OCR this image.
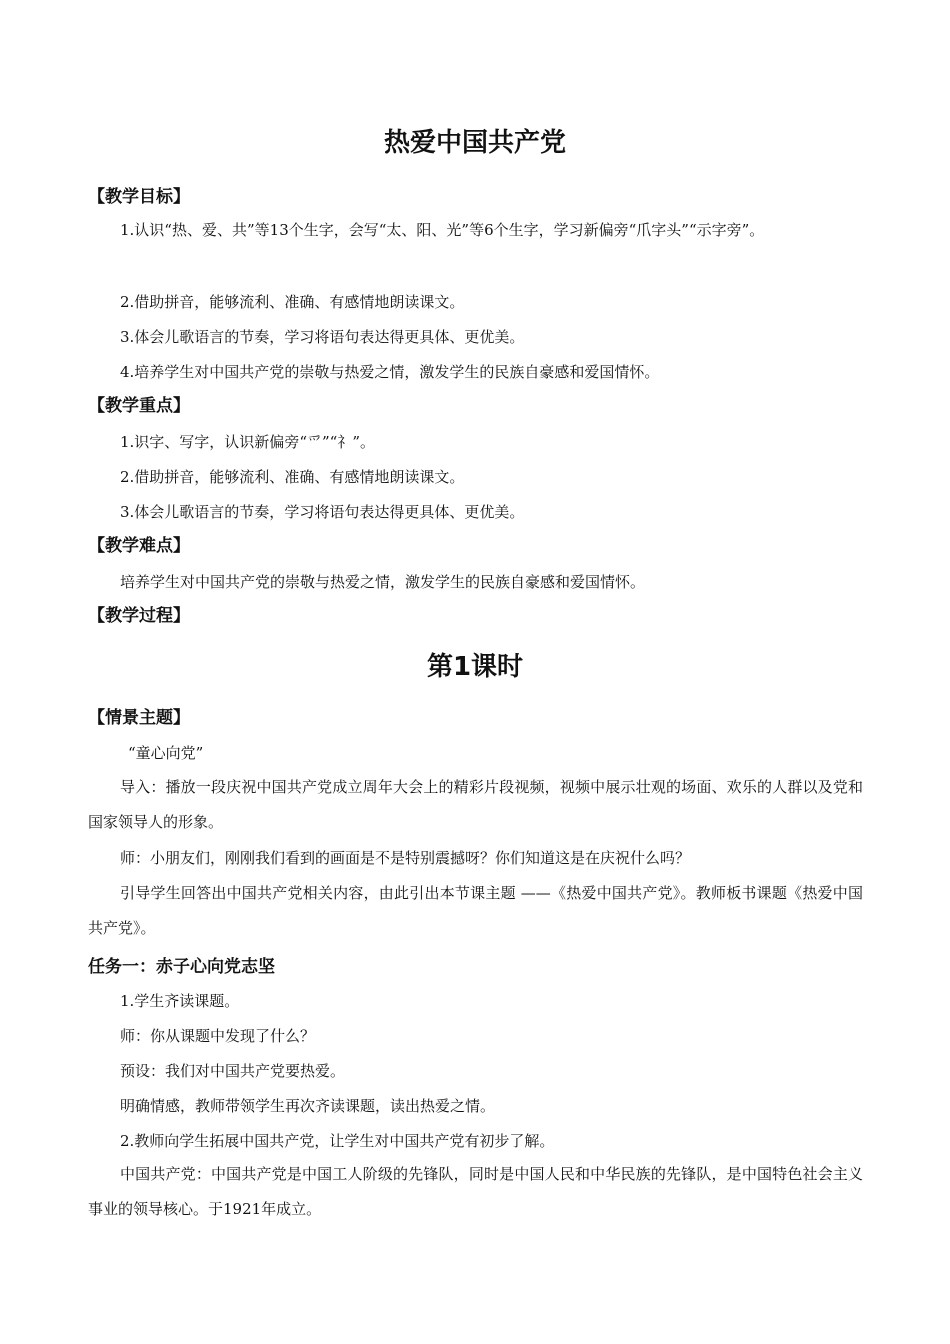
热爱中国共产党
【教学目标】
1.认识“热、爱、共”等13个生字，会写“太、阳、光”等6个生字，学习新偏旁“爪字头”“示字旁”。
2.借助拼音，能够流利、准确、有感情地朗读课文。
3.体会儿歌语言的节奏，学习将语句表达得更具体、更优美。
4.培养学生对中国共产党的崇敬与热爱之情，激发学生的民族自豪感和爱国情怀。
【教学重点】
1.识字、写字，认识新偏旁“爫”“礻”。
2.借助拼音，能够流利、准确、有感情地朗读课文。
3.体会儿歌语言的节奏，学习将语句表达得更具体、更优美。
【教学难点】
培养学生对中国共产党的崇敬与热爱之情，激发学生的民族自豪感和爱国情怀。
【教学过程】
第1课时
【情景主题】
“童心向党”
导入：播放一段庆祝中国共产党成立周年大会上的精彩片段视频，视频中展示壮观的场面、欢乐的人群以及党和国家领导人的形象。
师：小朋友们，刚刚我们看到的画面是不是特别震撼呀？你们知道这是在庆祝什么吗？
引导学生回答出中国共产党相关内容，由此引出本节课主题 ——《热爱中国共产党》。教师板书课题《热爱中国共产党》。
任务一：赤子心向党志坚
1.学生齐读课题。
师：你从课题中发现了什么？
预设：我们对中国共产党要热爱。
明确情感，教师带领学生再次齐读课题，读出热爱之情。
2.教师向学生拓展中国共产党，让学生对中国共产党有初步了解。
中国共产党：中国共产党是中国工人阶级的先锋队，同时是中国人民和中华民族的先锋队，是中国特色社会主义事业的领导核心。于1921年成立。
